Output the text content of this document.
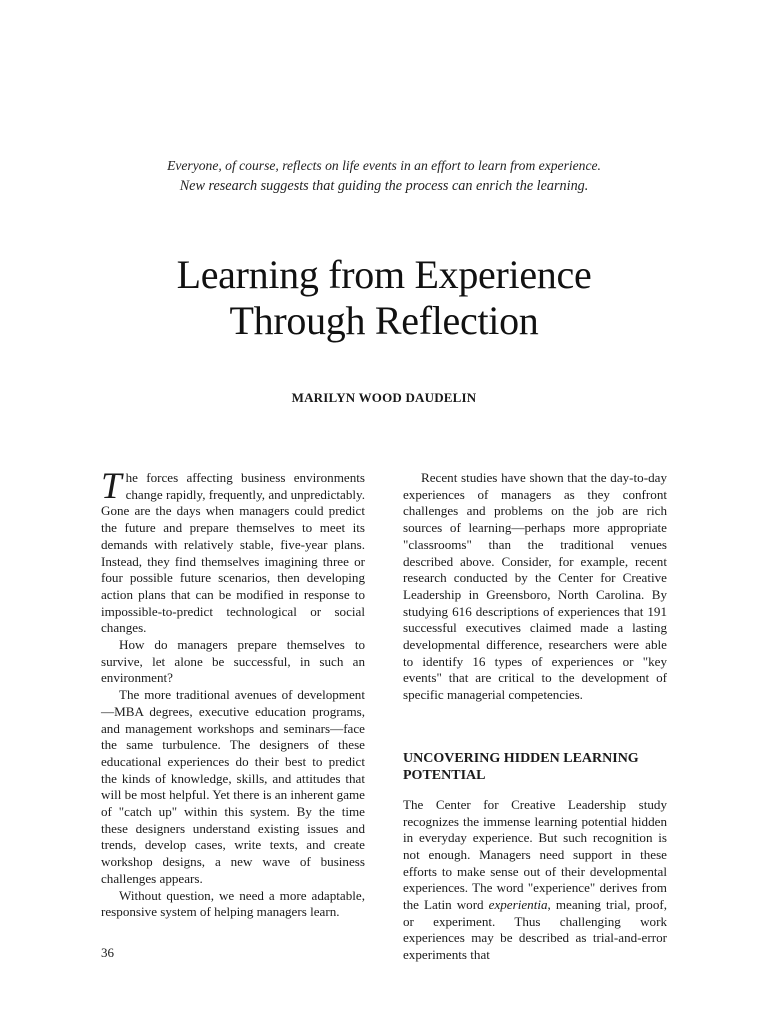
Everyone, of course, reflects on life events in an effort to learn from experience.
New research suggests that guiding the process can enrich the learning.
Learning from Experience
Through Reflection
MARILYN WOOD DAUDELIN

The forces affecting business environments change rapidly, frequently, and unpredictably. Gone are the days when managers could predict the future and prepare themselves to meet its demands with relatively stable, five-year plans. Instead, they find themselves imagining three or four possible future scenarios, then developing action plans that can be modified in response to impossible-to-predict technological or social changes.

How do managers prepare themselves to survive, let alone be successful, in such an environment?

The more traditional avenues of development—MBA degrees, executive education programs, and management workshops and seminars—face the same turbulence. The designers of these educational experiences do their best to predict the kinds of knowledge, skills, and attitudes that will be most helpful. Yet there is an inherent game of "catch up" within this system. By the time these designers understand existing issues and trends, develop cases, write texts, and create workshop designs, a new wave of business challenges appears.

Without question, we need a more adaptable, responsive system of helping managers learn.

Recent studies have shown that the day-to-day experiences of managers as they confront challenges and problems on the job are rich sources of learning—perhaps more appropriate "classrooms" than the traditional venues described above. Consider, for example, recent research conducted by the Center for Creative Leadership in Greensboro, North Carolina. By studying 616 descriptions of experiences that 191 successful executives claimed made a lasting developmental difference, researchers were able to identify 16 types of experiences or "key events" that are critical to the development of specific managerial competencies.

UNCOVERING HIDDEN LEARNING POTENTIAL

The Center for Creative Leadership study recognizes the immense learning potential hidden in everyday experience. But such recognition is not enough. Managers need support in these efforts to make sense out of their developmental experiences. The word "experience" derives from the Latin word experientia, meaning trial, proof, or experiment. Thus challenging work experiences may be described as trial-and-error experiments that

36
